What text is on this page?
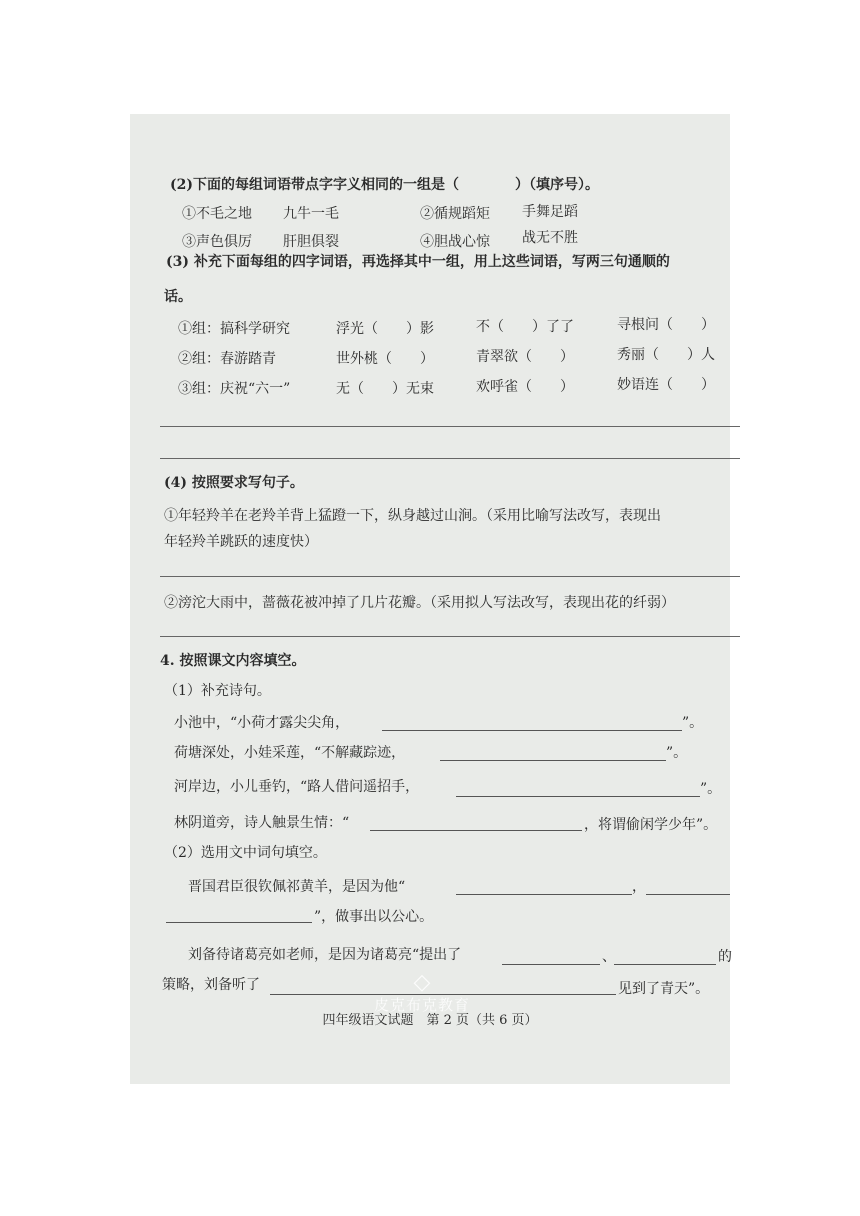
(2)下面的每组词语带点字字义相同的一组是（　　　　）（填序号）。
①不毛之地 九牛一毛	②循规蹈矩 手舞足蹈
③声色俱厉 肝胆俱裂	④胆战心惊 战无不胜
(3) 补充下面每组的四字词语，再选择其中一组，用上这些词语，写两三句通顺的
话。
①组：搞科学研究	浮光（　　）影	不（　　）了了	寻根问（　　）
②组：春游踏青	世外桃（　　）	青翠欲（　　）	秀丽（　　）人
③组：庆祝“六一”	无（　　）无束	欢呼雀（　　）	妙语连（　　）
(4) 按照要求写句子。
①年轻羚羊在老羚羊背上猛蹬一下，纵身越过山涧。（采用比喻写法改写，表现出
年轻羚羊跳跃的速度快）
②滂沱大雨中，蔷薇花被冲掉了几片花瓣。（采用拟人写法改写，表现出花的纤弱）
4. 按照课文内容填空。
（1）补充诗句。
小池中，“小荷才露尖尖角，	”。
荷塘深处，小娃采莲，“不解藏踪迹，	”。
河岸边，小儿垂钓，“路人借问遥招手，	”。
林阴道旁，诗人触景生情：“	，将谓偷闲学少年”。
（2）选用文中词句填空。
晋国君臣很钦佩祁黄羊，是因为他“	，
”，做事出以公心。
刘备待诸葛亮如老师，是因为诸葛亮“提出了	、	的
策略，刘备听了	见到了青天”。
◇
皮克布克教育
四年级语文试题　第 2 页（共 6 页）
